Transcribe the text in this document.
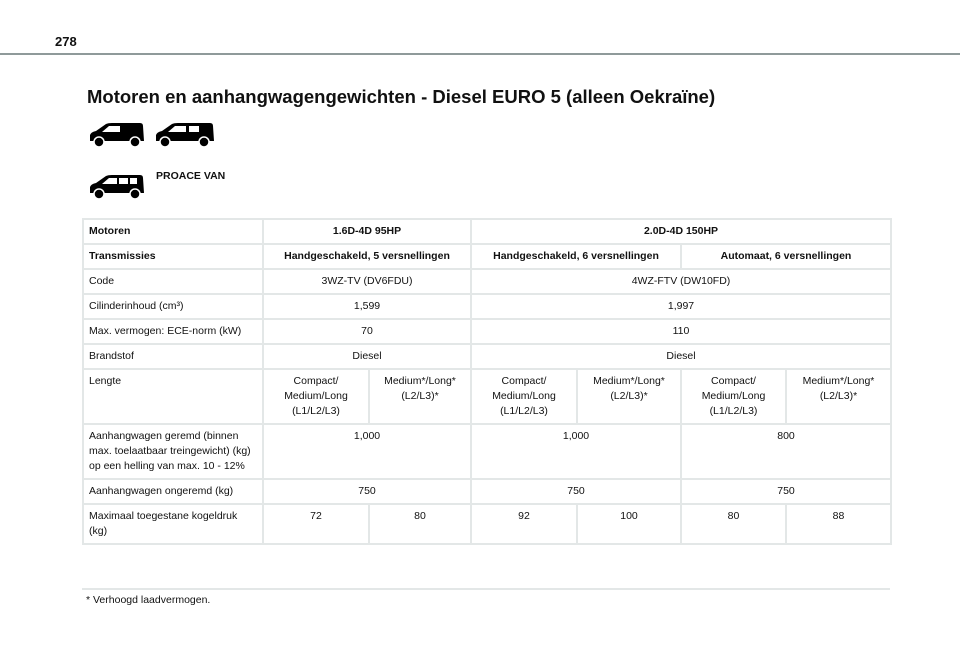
278
Motoren en aanhangwagengewichten - Diesel EURO 5 (alleen Oekraïne)
PROACE VAN
Motoren	1.6D-4D 95HP		2.0D-4D 150HP			
Transmissies	Handgeschakeld, 5 versnellingen		Handgeschakeld, 6 versnellingen		Automaat, 6 versnellingen	
Code	3WZ-TV (DV6FDU)		4WZ-FTV (DW10FD)			
Cilinderinhoud (cm³)	1,599		1,997			
Max. vermogen: ECE-norm (kW)	70		110			
Brandstof	Diesel		Diesel			
Lengte	Compact/ Medium/Long (L1/L2/L3)	Medium*/Long* (L2/L3)*	Compact/ Medium/Long (L1/L2/L3)	Medium*/Long* (L2/L3)*	Compact/ Medium/Long (L1/L2/L3)	Medium*/Long* (L2/L3)*
Aanhangwagen geremd (binnen max. toelaatbaar treingewicht) (kg) op een helling van max. 10 - 12%	1,000		1,000		800	
Aanhangwagen ongeremd (kg)	750		750		750	
Maximaal toegestane kogeldruk (kg)	72	80	92	100	80	88
* Verhoogd laadvermogen.
